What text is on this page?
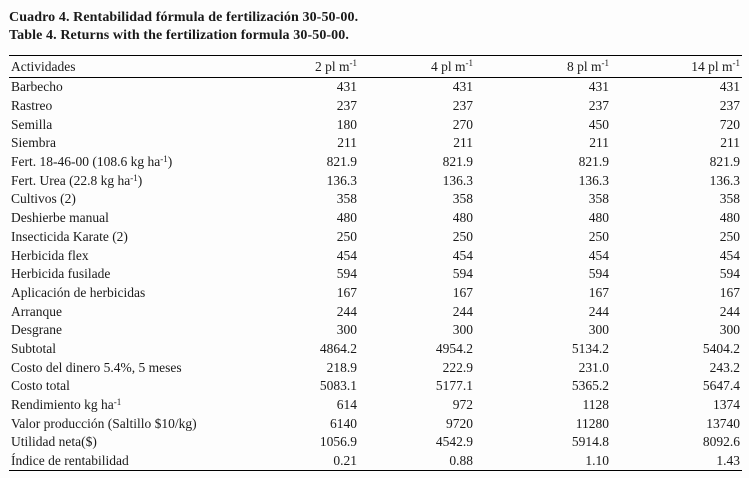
Cuadro 4. Rentabilidad fórmula de fertilización 30-50-00.
Table 4. Returns with the fertilization formula 30-50-00.
Actividades	2 pl $m^{-1}$	4 pl $m^{-1}$	8 pl $m^{-1}$	14 pl $m^{-1}$
Barbecho	431	431	431	431
Rastreo	237	237	237	237
Semilla	180	270	450	720
Siembra	211	211	211	211
Fert. 18-46-00 (108.6 kg $ha^{-1}$)	821.9	821.9	821.9	821.9
Fert. Urea (22.8 kg $ha^{-1}$)	136.3	136.3	136.3	136.3
Cultivos (2)	358	358	358	358
Deshierbe manual	480	480	480	480
Insecticida Karate (2)	250	250	250	250
Herbicida flex	454	454	454	454
Herbicida fusilade	594	594	594	594
Aplicación de herbicidas	167	167	167	167
Arranque	244	244	244	244
Desgrane	300	300	300	300
Subtotal	4864.2	4954.2	5134.2	5404.2
Costo del dinero 5.4%, 5 meses	218.9	222.9	231.0	243.2
Costo total	5083.1	5177.1	5365.2	5647.4
Rendimiento kg $ha^{-1}$	614	972	1128	1374
Valor producción (Saltillo $10/kg)	6140	9720	11280	13740
Utilidad neta($)	1056.9	4542.9	5914.8	8092.6
Índice de rentabilidad	0.21	0.88	1.10	1.43
